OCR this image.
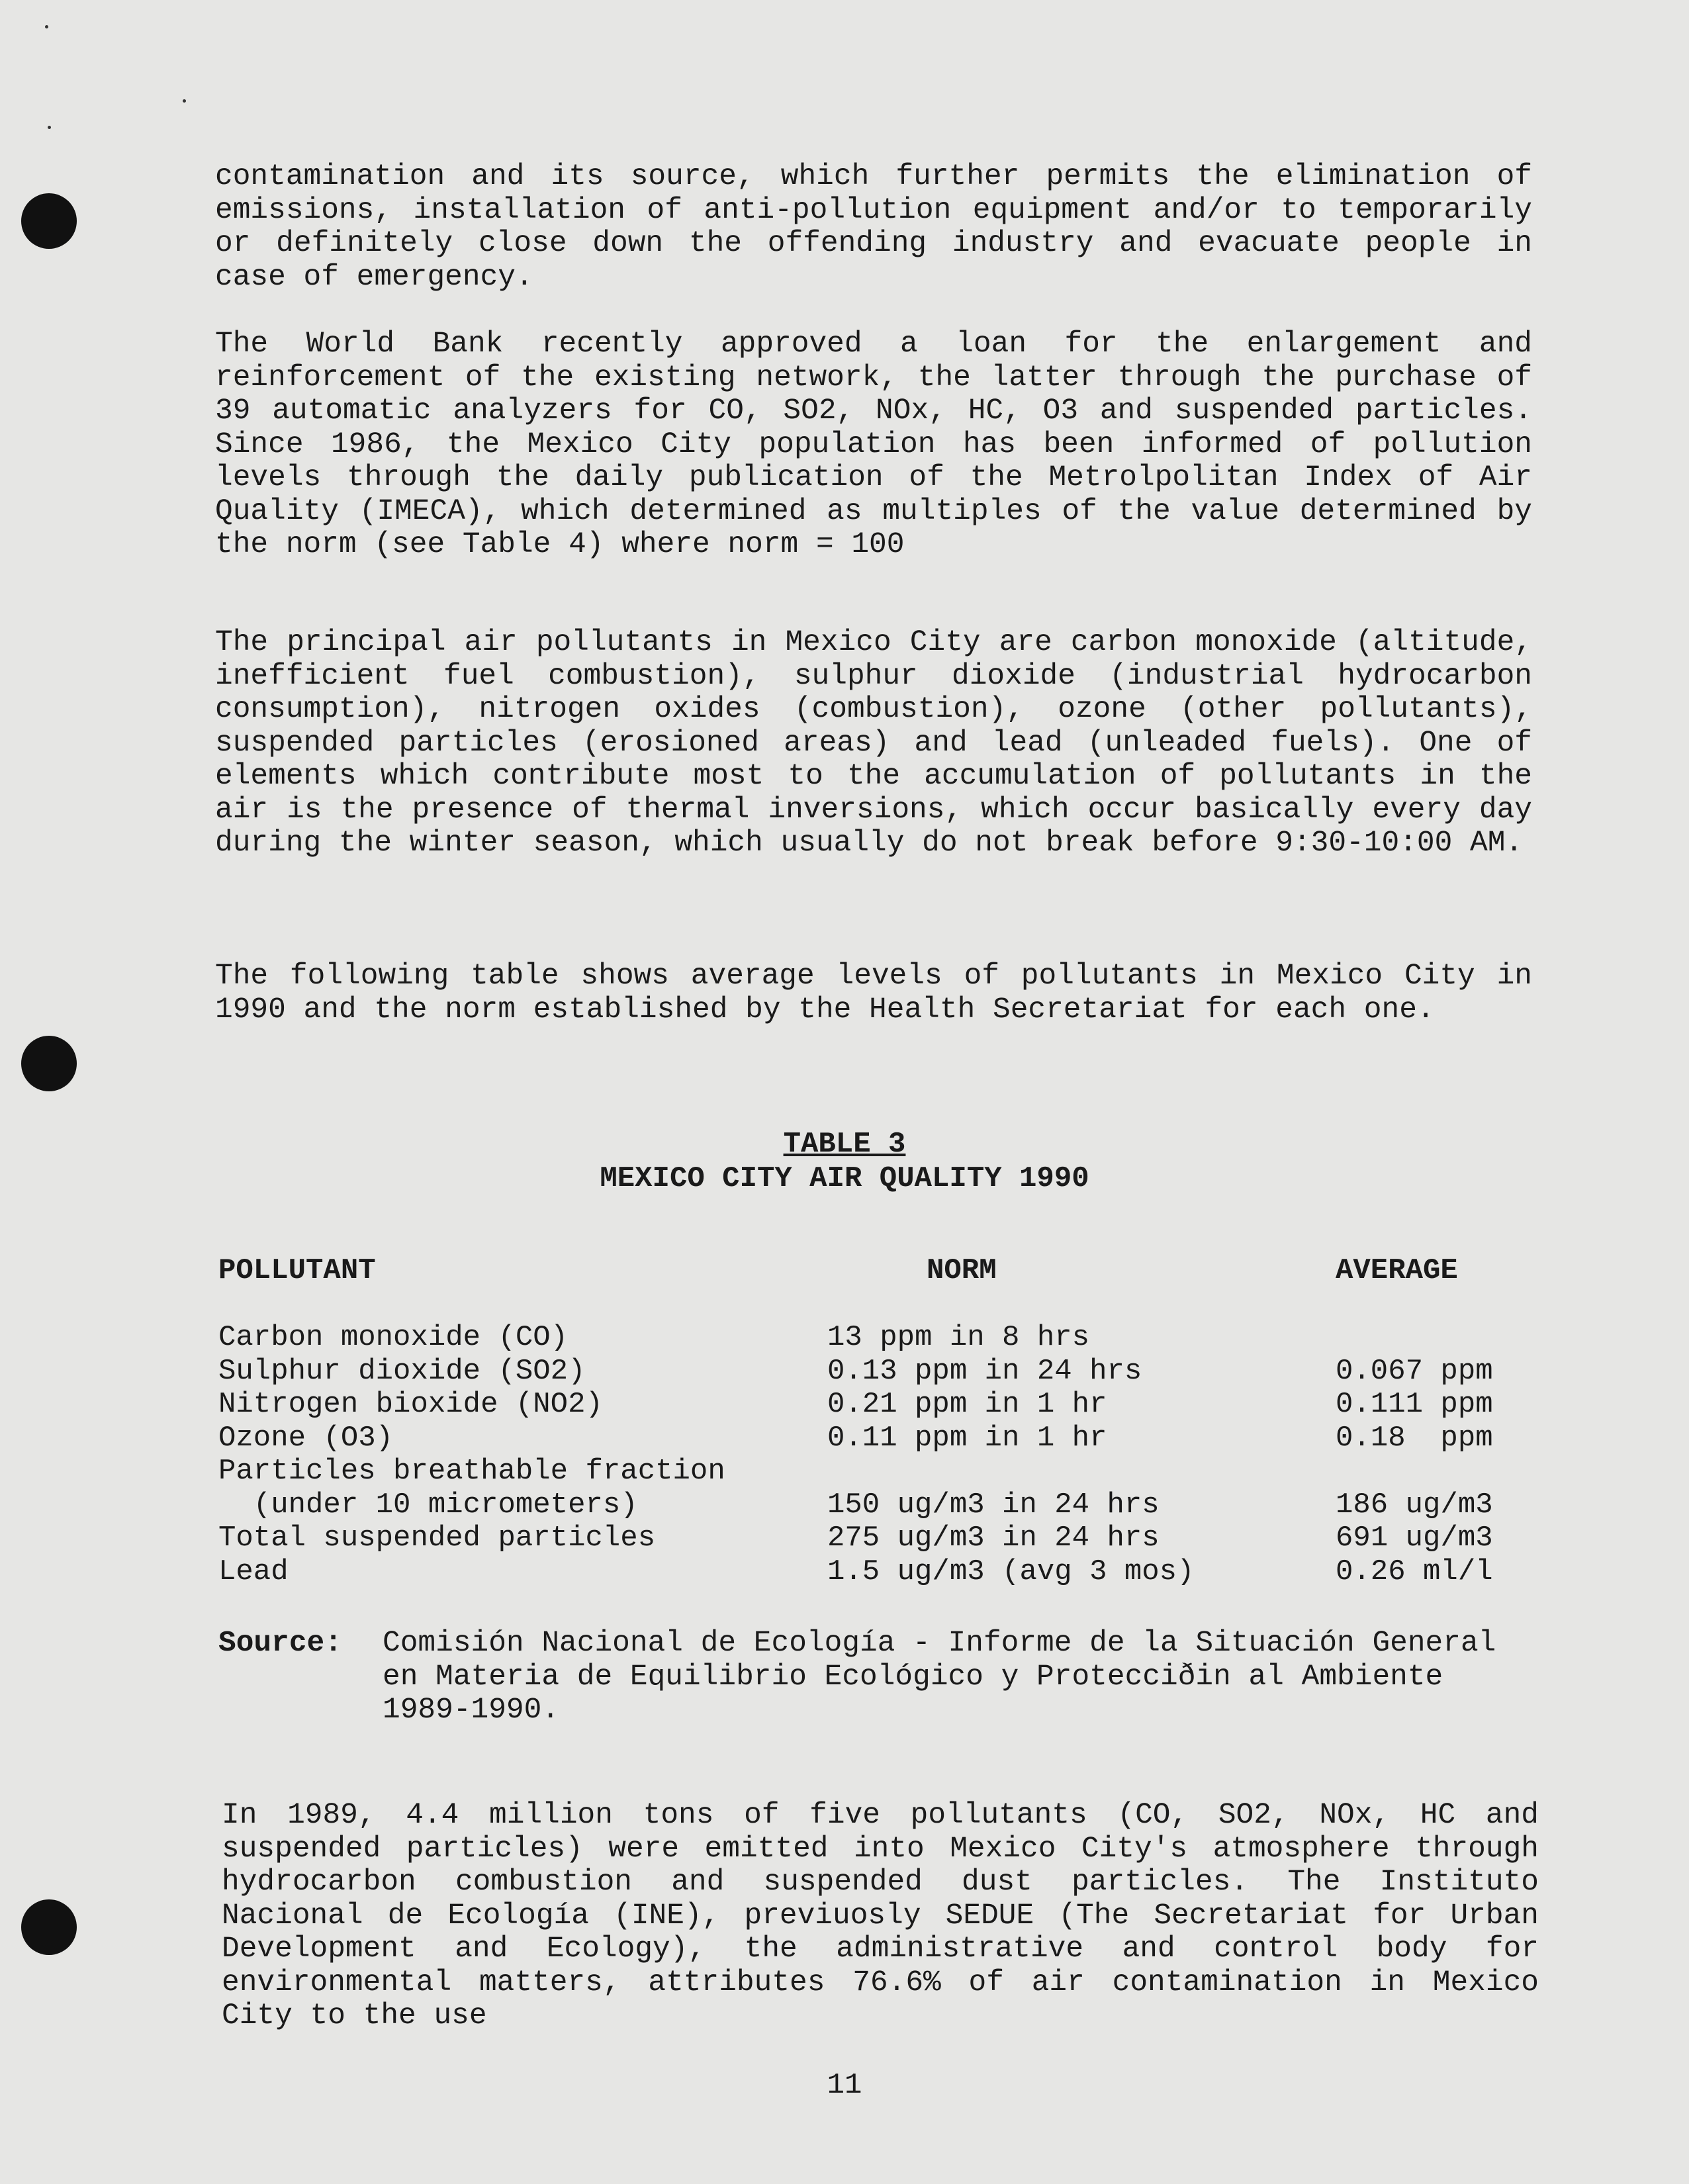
contamination and its source, which further permits the elimination of emissions, installation of anti-pollution equipment and/or to temporarily or definitely close down the offending industry and evacuate people in case of emergency.

The World Bank recently approved a loan for the enlargement and reinforcement of the existing network, the latter through the purchase of 39 automatic analyzers for CO, SO2, NOx, HC, O3 and suspended particles. Since 1986, the Mexico City population has been informed of pollution levels through the daily publication of the Metrolpolitan Index of Air Quality (IMECA), which determined as multiples of the value determined by the norm (see Table 4) where norm = 100

The principal air pollutants in Mexico City are carbon monoxide (altitude, inefficient fuel combustion), sulphur dioxide (industrial hydrocarbon consumption), nitrogen oxides (combustion), ozone (other pollutants), suspended particles (erosioned areas) and lead (unleaded fuels). One of elements which contribute most to the accumulation of pollutants in the air is the presence of thermal inversions, which occur basically every day during the winter season, which usually do not break before 9:30-10:00 AM.

The following table shows average levels of pollutants in Mexico City in 1990 and the norm established by the Health Secretariat for each one.

TABLE 3
MEXICO CITY AIR QUALITY 1990
POLLUTANT	NORM	AVERAGE
Carbon monoxide (CO)	13 ppm in 8 hrs
Sulphur dioxide (SO2)	0.13 ppm in 24 hrs	0.067 ppm
Nitrogen bioxide (NO2)	0.21 ppm in 1 hr	0.111 ppm
Ozone (O3)	0.11 ppm in 1 hr	0.18  ppm
Particles breathable fraction
(under 10 micrometers)	150 ug/m3 in 24 hrs	186 ug/m3
Total suspended particles	275 ug/m3 in 24 hrs	691 ug/m3
Lead	1.5 ug/m3 (avg 3 mos)	0.26 ml/l
Source: Comisión Nacional de Ecología - Informe de la Situación General en Materia de Equilibrio Ecológico y Protecciðin al Ambiente 1989-1990.

In 1989, 4.4 million tons of five pollutants (CO, SO2, NOx, HC and suspended particles) were emitted into Mexico City's atmosphere through hydrocarbon combustion and suspended dust particles. The Instituto Nacional de Ecología (INE), previuosly SEDUE (The Secretariat for Urban Development and Ecology), the administrative and control body for environmental matters, attributes 76.6% of air contamination in Mexico City to the use

11
